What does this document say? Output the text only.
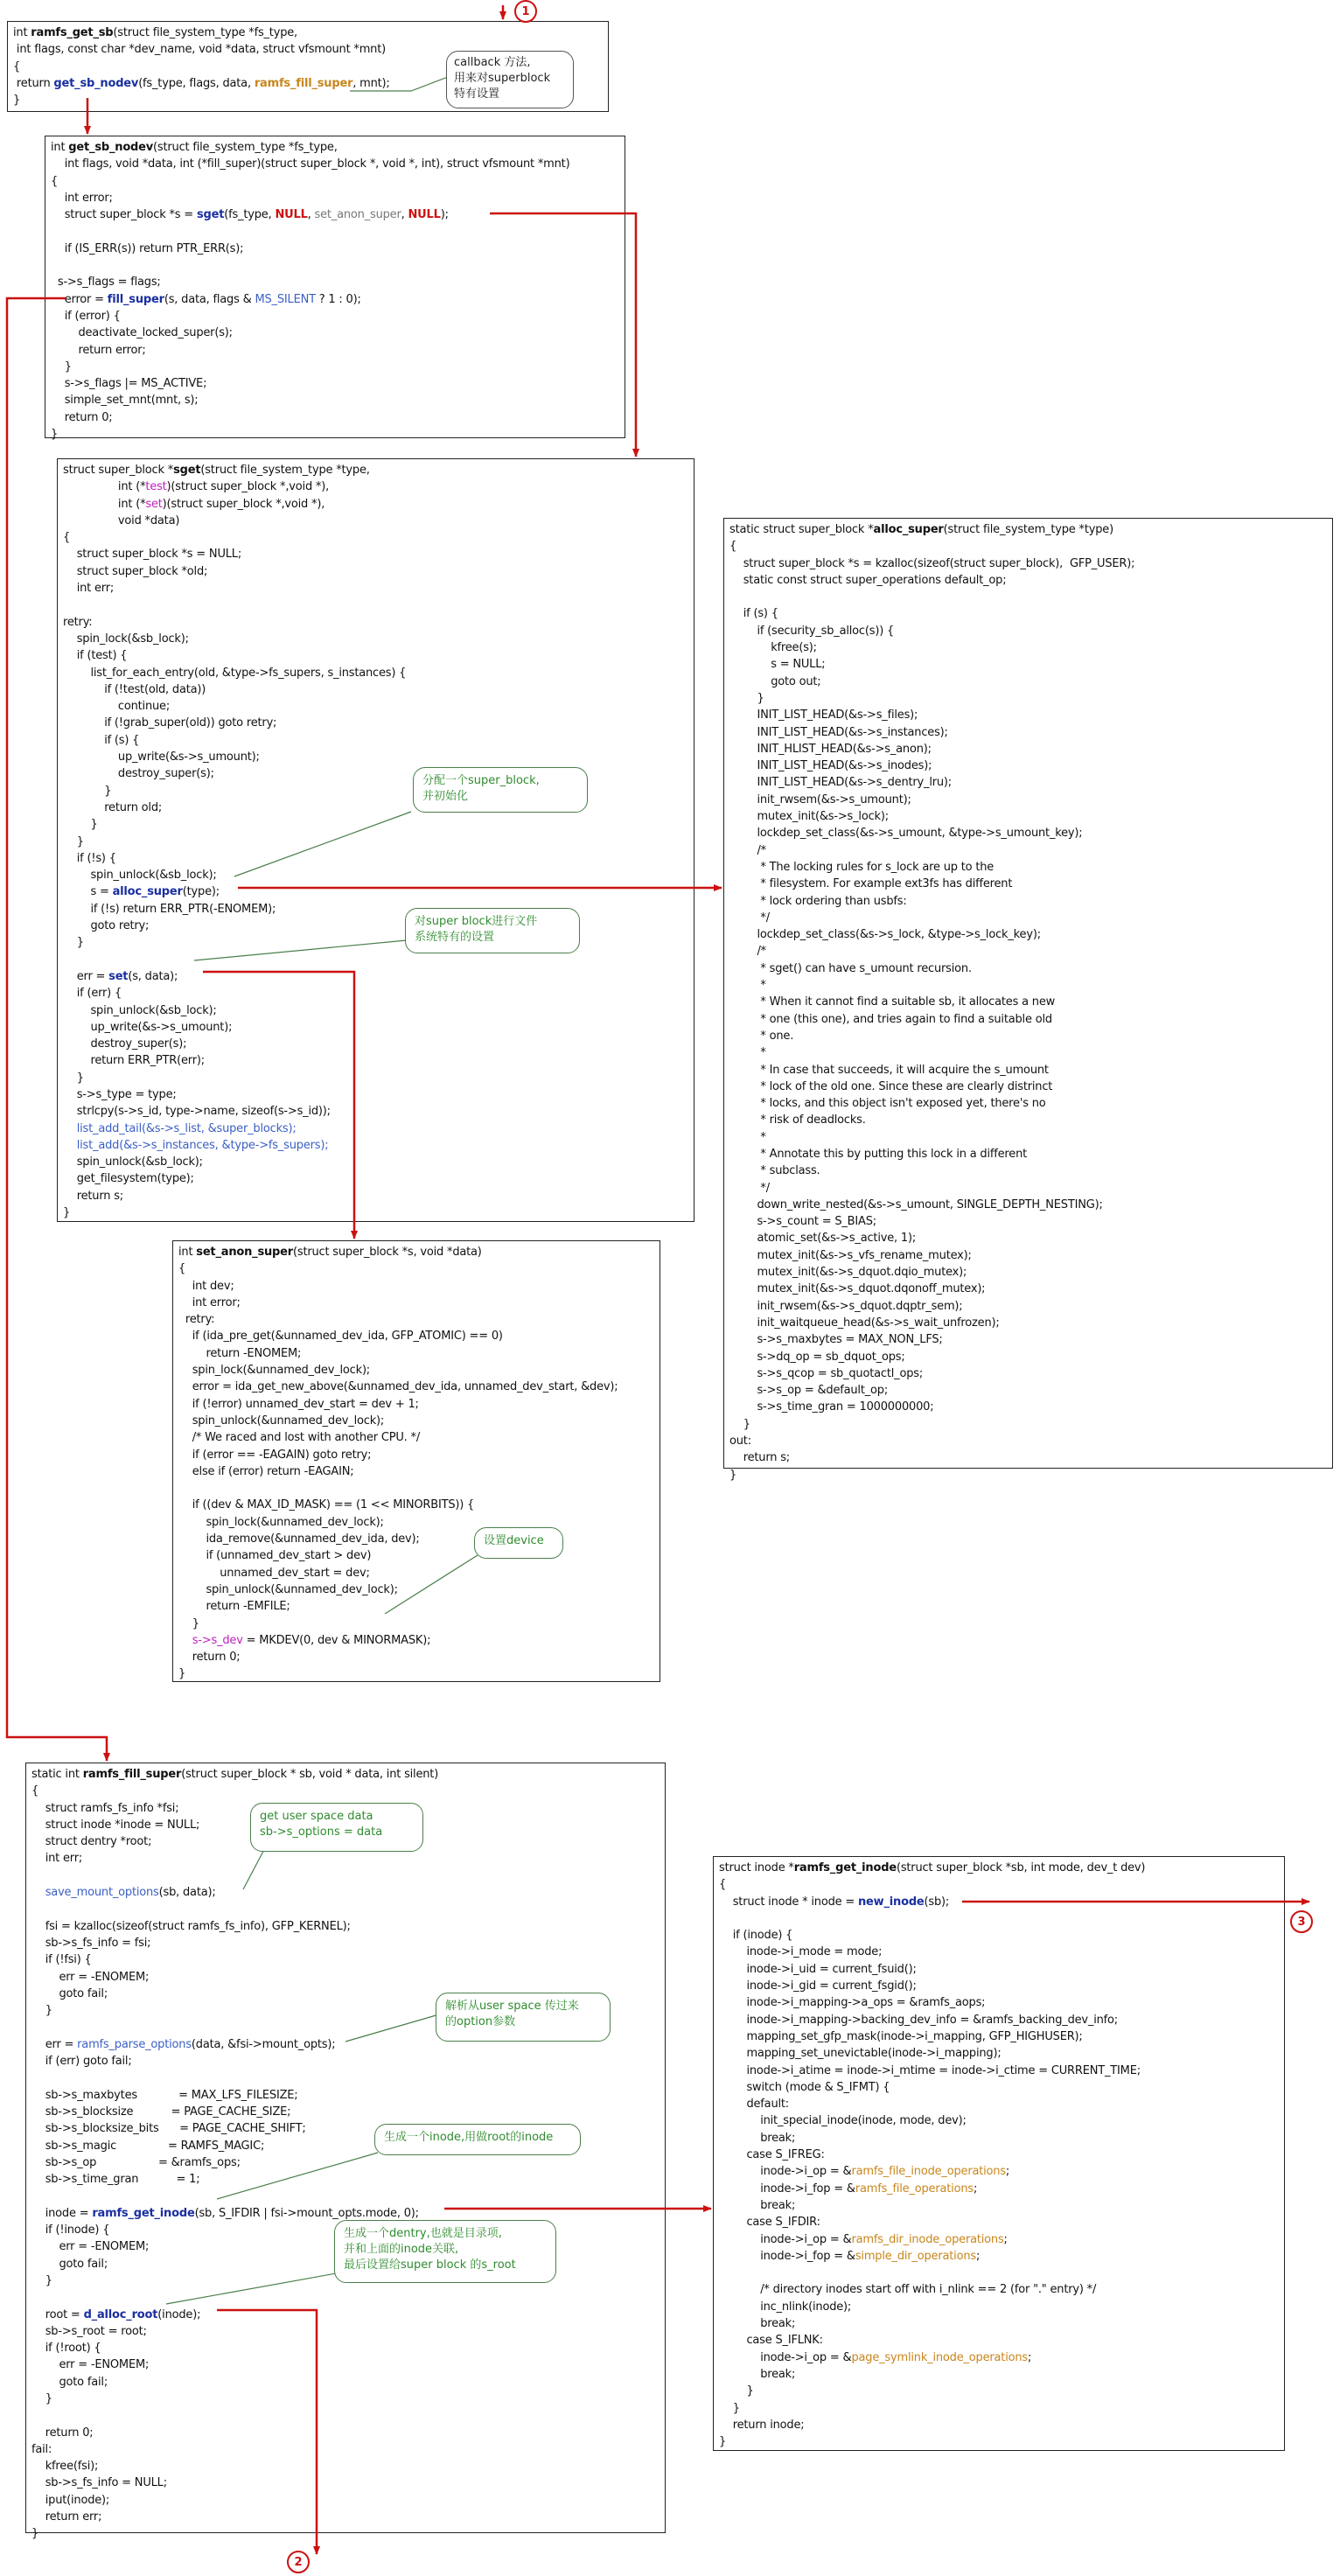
int ramfs_get_sb(struct file_system_type *fs_type,
int flags, const char *dev_name, void *data, struct vfsmount *mnt)
{
return get_sb_nodev(fs_type, flags, data, ramfs_fill_super, mnt);
}
int get_sb_nodev(struct file_system_type *fs_type,
int flags, void *data, int (*fill_super)(struct super_block *, void *, int), struct vfsmount *mnt)
{
int error;
struct super_block *s = sget(fs_type, NULL, set_anon_super, NULL);
if (IS_ERR(s)) return PTR_ERR(s);
s->s_flags = flags;
error = fill_super(s, data, flags & MS_SILENT ? 1 : 0);
if (error) {
deactivate_locked_super(s);
return error;
}
s->s_flags |= MS_ACTIVE;
simple_set_mnt(mnt, s);
return 0;
}
struct super_block *sget(struct file_system_type *type,
int (*test)(struct super_block *,void *),
int (*set)(struct super_block *,void *),
void *data)
{
struct super_block *s = NULL;
struct super_block *old;
int err;
retry:
spin_lock(&sb_lock);
if (test) {
list_for_each_entry(old, &type->fs_supers, s_instances) {
if (!test(old, data))
continue;
if (!grab_super(old)) goto retry;
if (s) {
up_write(&s->s_umount);
destroy_super(s);
}
return old;
}
}
if (!s) {
spin_unlock(&sb_lock);
s = alloc_super(type);
if (!s) return ERR_PTR(-ENOMEM);
goto retry;
}
err = set(s, data);
if (err) {
spin_unlock(&sb_lock);
up_write(&s->s_umount);
destroy_super(s);
return ERR_PTR(err);
}
s->s_type = type;
strlcpy(s->s_id, type->name, sizeof(s->s_id));
list_add_tail(&s->s_list, &super_blocks);
list_add(&s->s_instances, &type->fs_supers);
spin_unlock(&sb_lock);
get_filesystem(type);
return s;
}
static struct super_block *alloc_super(struct file_system_type *type)
{
struct super_block *s = kzalloc(sizeof(struct super_block),  GFP_USER);
static const struct super_operations default_op;
if (s) {
if (security_sb_alloc(s)) {
kfree(s);
s = NULL;
goto out;
}
INIT_LIST_HEAD(&s->s_files);
INIT_LIST_HEAD(&s->s_instances);
INIT_HLIST_HEAD(&s->s_anon);
INIT_LIST_HEAD(&s->s_inodes);
INIT_LIST_HEAD(&s->s_dentry_lru);
init_rwsem(&s->s_umount);
mutex_init(&s->s_lock);
lockdep_set_class(&s->s_umount, &type->s_umount_key);
/*
* The locking rules for s_lock are up to the
* filesystem. For example ext3fs has different
* lock ordering than usbfs:
*/
lockdep_set_class(&s->s_lock, &type->s_lock_key);
/*
* sget() can have s_umount recursion.
*
* When it cannot find a suitable sb, it allocates a new
* one (this one), and tries again to find a suitable old
* one.
*
* In case that succeeds, it will acquire the s_umount
* lock of the old one. Since these are clearly distrinct
* locks, and this object isn't exposed yet, there's no
* risk of deadlocks.
*
* Annotate this by putting this lock in a different
* subclass.
*/
down_write_nested(&s->s_umount, SINGLE_DEPTH_NESTING);
s->s_count = S_BIAS;
atomic_set(&s->s_active, 1);
mutex_init(&s->s_vfs_rename_mutex);
mutex_init(&s->s_dquot.dqio_mutex);
mutex_init(&s->s_dquot.dqonoff_mutex);
init_rwsem(&s->s_dquot.dqptr_sem);
init_waitqueue_head(&s->s_wait_unfrozen);
s->s_maxbytes = MAX_NON_LFS;
s->dq_op = sb_dquot_ops;
s->s_qcop = sb_quotactl_ops;
s->s_op = &default_op;
s->s_time_gran = 1000000000;
}
out:
return s;
}
int set_anon_super(struct super_block *s, void *data)
{
int dev;
int error;
retry:
if (ida_pre_get(&unnamed_dev_ida, GFP_ATOMIC) == 0)
return -ENOMEM;
spin_lock(&unnamed_dev_lock);
error = ida_get_new_above(&unnamed_dev_ida, unnamed_dev_start, &dev);
if (!error) unnamed_dev_start = dev + 1;
spin_unlock(&unnamed_dev_lock);
/* We raced and lost with another CPU. */
if (error == -EAGAIN) goto retry;
else if (error) return -EAGAIN;
if ((dev & MAX_ID_MASK) == (1 << MINORBITS)) {
spin_lock(&unnamed_dev_lock);
ida_remove(&unnamed_dev_ida, dev);
if (unnamed_dev_start > dev)
unnamed_dev_start = dev;
spin_unlock(&unnamed_dev_lock);
return -EMFILE;
}
s->s_dev = MKDEV(0, dev & MINORMASK);
return 0;
}
static int ramfs_fill_super(struct super_block * sb, void * data, int silent)
{
struct ramfs_fs_info *fsi;
struct inode *inode = NULL;
struct dentry *root;
int err;
save_mount_options(sb, data);
fsi = kzalloc(sizeof(struct ramfs_fs_info), GFP_KERNEL);
sb->s_fs_info = fsi;
if (!fsi) {
err = -ENOMEM;
goto fail;
}
err = ramfs_parse_options(data, &fsi->mount_opts);
if (err) goto fail;
sb->s_maxbytes            = MAX_LFS_FILESIZE;
sb->s_blocksize           = PAGE_CACHE_SIZE;
sb->s_blocksize_bits      = PAGE_CACHE_SHIFT;
sb->s_magic               = RAMFS_MAGIC;
sb->s_op                  = &ramfs_ops;
sb->s_time_gran           = 1;
inode = ramfs_get_inode(sb, S_IFDIR | fsi->mount_opts.mode, 0);
if (!inode) {
err = -ENOMEM;
goto fail;
}
root = d_alloc_root(inode);
sb->s_root = root;
if (!root) {
err = -ENOMEM;
goto fail;
}
return 0;
fail:
kfree(fsi);
sb->s_fs_info = NULL;
iput(inode);
return err;
}
struct inode *ramfs_get_inode(struct super_block *sb, int mode, dev_t dev)
{
struct inode * inode = new_inode(sb);
if (inode) {
inode->i_mode = mode;
inode->i_uid = current_fsuid();
inode->i_gid = current_fsgid();
inode->i_mapping->a_ops = &ramfs_aops;
inode->i_mapping->backing_dev_info = &ramfs_backing_dev_info;
mapping_set_gfp_mask(inode->i_mapping, GFP_HIGHUSER);
mapping_set_unevictable(inode->i_mapping);
inode->i_atime = inode->i_mtime = inode->i_ctime = CURRENT_TIME;
switch (mode & S_IFMT) {
default:
init_special_inode(inode, mode, dev);
break;
case S_IFREG:
inode->i_op = &ramfs_file_inode_operations;
inode->i_fop = &ramfs_file_operations;
break;
case S_IFDIR:
inode->i_op = &ramfs_dir_inode_operations;
inode->i_fop = &simple_dir_operations;
/* directory inodes start off with i_nlink == 2 (for "." entry) */
inc_nlink(inode);
break;
case S_IFLNK:
inode->i_op = &page_symlink_inode_operations;
break;
}
}
return inode;
}
1
2
3
callback 方法,
用来对superblock
特有设置
分配一个super_block,
并初始化
对super block进行文件
系统特有的设置
设置device
get user space data
sb->s_options = data
解析从user space 传过来
的option参数
生成一个inode,用做root的inode
生成一个dentry,也就是目录项,
并和上面的inode关联,
最后设置给super block 的s_root
